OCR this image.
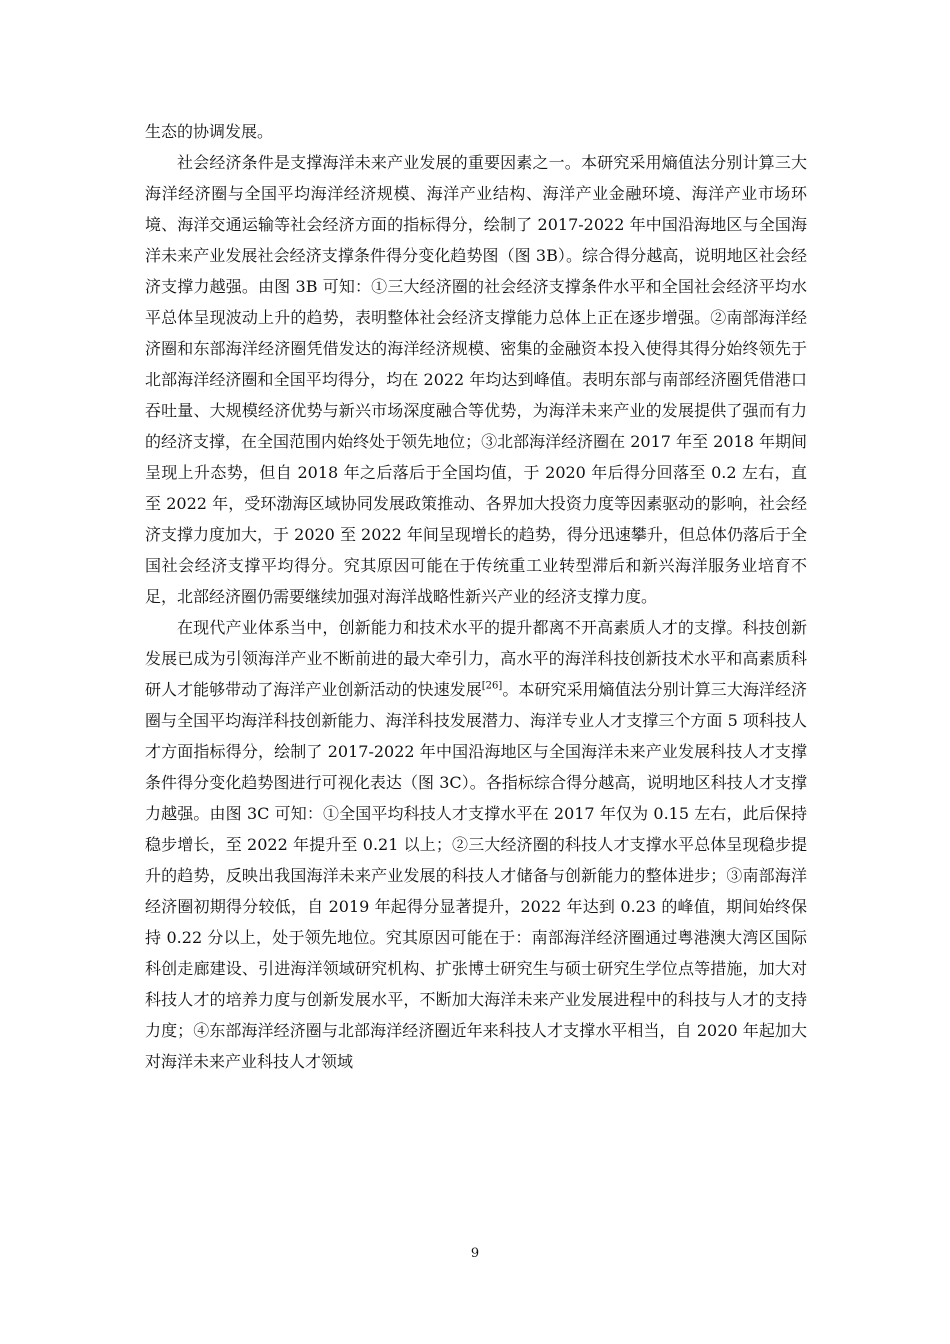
生态的协调发展。

社会经济条件是支撑海洋未来产业发展的重要因素之一。本研究采用熵值法分别计算三大海洋经济圈与全国平均海洋经济规模、海洋产业结构、海洋产业金融环境、海洋产业市场环境、海洋交通运输等社会经济方面的指标得分，绘制了 2017-2022 年中国沿海地区与全国海洋未来产业发展社会经济支撑条件得分变化趋势图（图 3B）。综合得分越高，说明地区社会经济支撑力越强。由图 3B 可知：①三大经济圈的社会经济支撑条件水平和全国社会经济平均水平总体呈现波动上升的趋势，表明整体社会经济支撑能力总体上正在逐步增强。②南部海洋经济圈和东部海洋经济圈凭借发达的海洋经济规模、密集的金融资本投入使得其得分始终领先于北部海洋经济圈和全国平均得分，均在 2022 年均达到峰值。表明东部与南部经济圈凭借港口吞吐量、大规模经济优势与新兴市场深度融合等优势，为海洋未来产业的发展提供了强而有力的经济支撑，在全国范围内始终处于领先地位；③北部海洋经济圈在 2017 年至 2018 年期间呈现上升态势，但自 2018 年之后落后于全国均值，于 2020 年后得分回落至 0.2 左右，直至 2022 年，受环渤海区域协同发展政策推动、各界加大投资力度等因素驱动的影响，社会经济支撑力度加大，于 2020 至 2022 年间呈现增长的趋势，得分迅速攀升，但总体仍落后于全国社会经济支撑平均得分。究其原因可能在于传统重工业转型滞后和新兴海洋服务业培育不足，北部经济圈仍需要继续加强对海洋战略性新兴产业的经济支撑力度。

在现代产业体系当中，创新能力和技术水平的提升都离不开高素质人才的支撑。科技创新发展已成为引领海洋产业不断前进的最大牵引力，高水平的海洋科技创新技术水平和高素质科研人才能够带动了海洋产业创新活动的快速发展[26]。本研究采用熵值法分别计算三大海洋经济圈与全国平均海洋科技创新能力、海洋科技发展潜力、海洋专业人才支撑三个方面 5 项科技人才方面指标得分，绘制了 2017-2022 年中国沿海地区与全国海洋未来产业发展科技人才支撑条件得分变化趋势图进行可视化表达（图 3C）。各指标综合得分越高，说明地区科技人才支撑力越强。由图 3C 可知：①全国平均科技人才支撑水平在 2017 年仅为 0.15 左右，此后保持稳步增长，至 2022 年提升至 0.21 以上；②三大经济圈的科技人才支撑水平总体呈现稳步提升的趋势，反映出我国海洋未来产业发展的科技人才储备与创新能力的整体进步；③南部海洋经济圈初期得分较低，自 2019 年起得分显著提升，2022 年达到 0.23 的峰值，期间始终保持 0.22 分以上，处于领先地位。究其原因可能在于：南部海洋经济圈通过粤港澳大湾区国际科创走廊建设、引进海洋领域研究机构、扩张博士研究生与硕士研究生学位点等措施，加大对科技人才的培养力度与创新发展水平，不断加大海洋未来产业发展进程中的科技与人才的支持力度；④东部海洋经济圈与北部海洋经济圈近年来科技人才支撑水平相当，自 2020 年起加大对海洋未来产业科技人才领域

9
